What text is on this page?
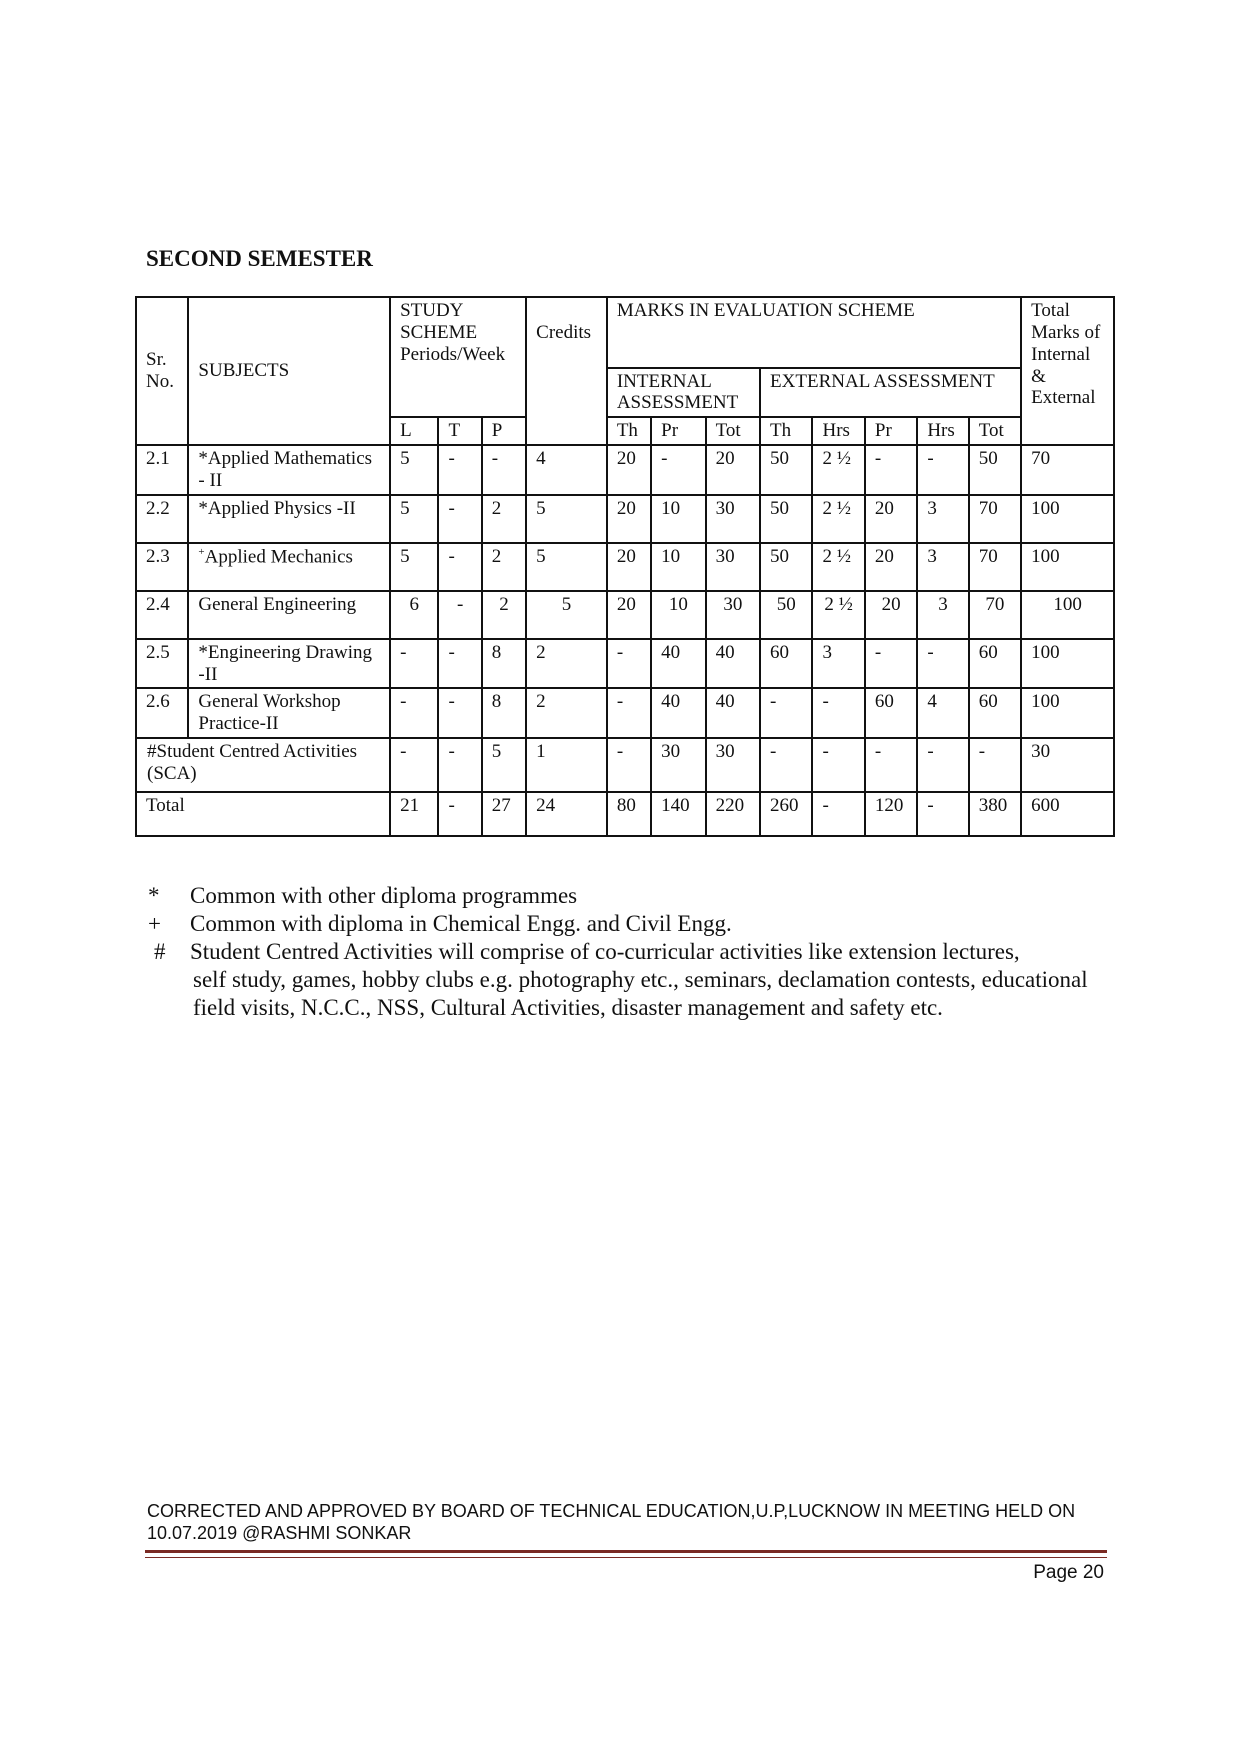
SECOND SEMESTER
Sr. No.	SUBJECTS	STUDY SCHEME Periods/Week			Credits	MARKS IN EVALUATION SCHEME								Total Marks of Internal & External
						INTERNAL ASSESSMENT			EXTERNAL ASSESSMENT					
		L	T	P		Th	Pr	Tot	Th	Hrs	Pr	Hrs	Tot	
2.1	*Applied Mathematics - II	5	-	-	4	20	-	20	50	2 ½	-	-	50	70
2.2	*Applied Physics -II	5	-	2	5	20	10	30	50	2 ½	20	3	70	100
2.3	+Applied Mechanics	5	-	2	5	20	10	30	50	2 ½	20	3	70	100
2.4	General Engineering	6	-	2	5	20	10	30	50	2 ½	20	3	70	100
2.5	*Engineering Drawing -II	-	-	8	2	-	40	40	60	3	-	-	60	100
2.6	General Workshop Practice-II	-	-	8	2	-	40	40	-	-	60	4	60	100
#Student Centred Activities (SCA)		-	-	5	1	-	30	30	-	-	-	-	-	30
Total		21	-	27	24	80	140	220	260	-	120	-	380	600
*	Common with other diploma programmes
+	Common with diploma in Chemical Engg. and Civil Engg.
#	Student Centred Activities will comprise of co-curricular activities like extension lectures,
self study, games, hobby clubs e.g. photography etc., seminars, declamation contests, educational field visits, N.C.C., NSS, Cultural Activities, disaster management and safety etc.
CORRECTED AND APPROVED BY BOARD OF TECHNICAL EDUCATION,U.P,LUCKNOW IN MEETING HELD ON 10.07.2019 @RASHMI SONKAR
Page 20
